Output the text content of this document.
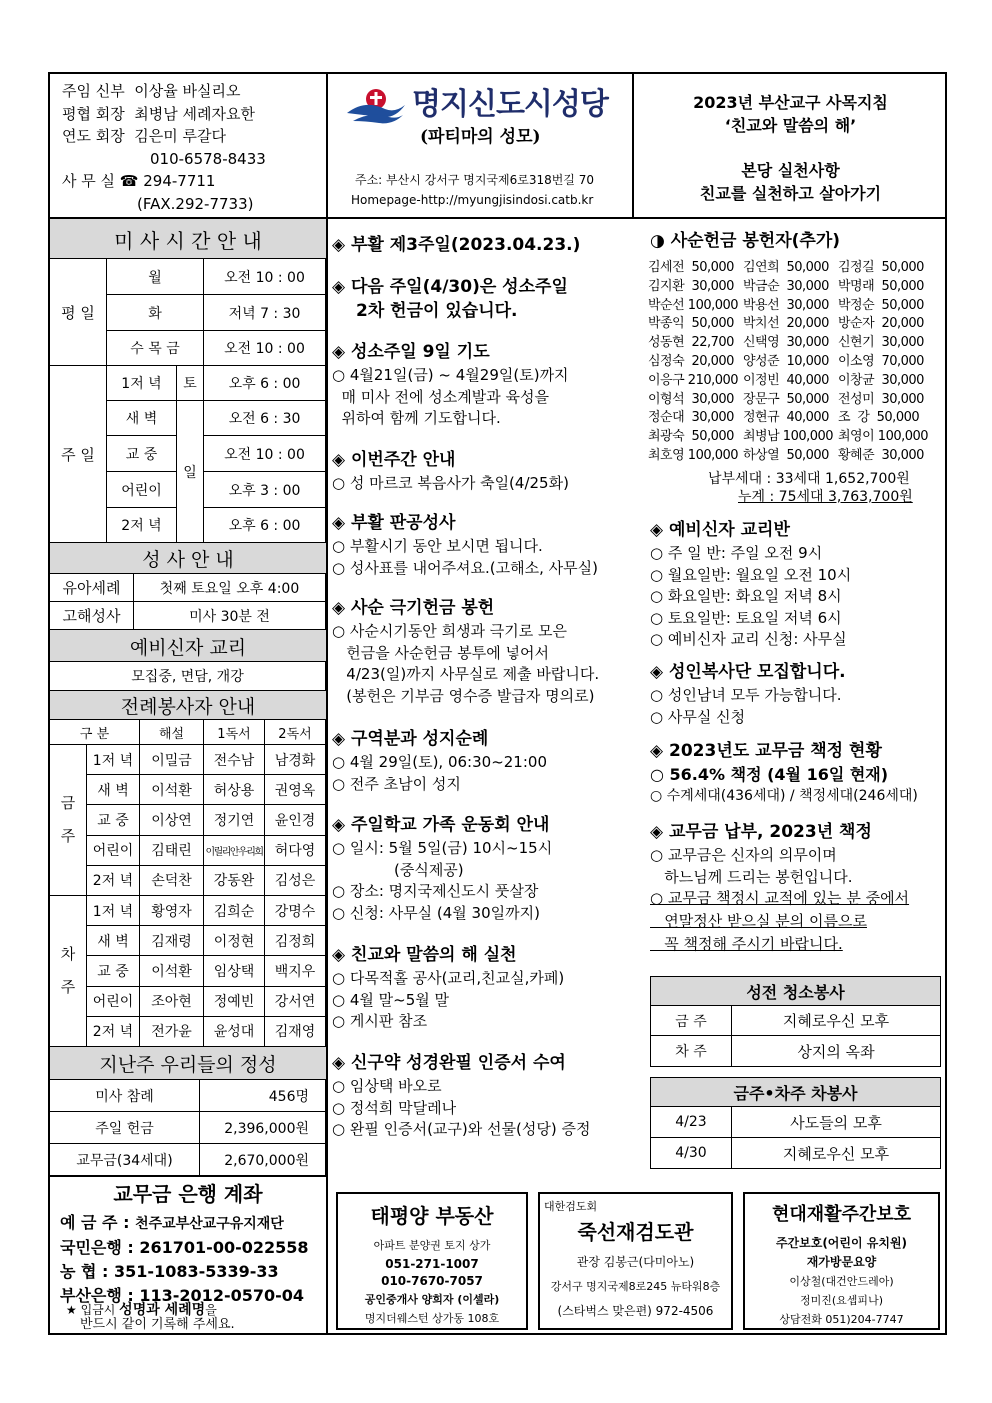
주임 신부 이상율 바실리오
평협 회장 최병남 세례자요한
연도 회장 김은미 루갈다
010-6578-8433
사 무 실 ☎ 294-7711
(FAX.292-7733)
명지신도시성당
(파티마의 성모)
주소: 부산시 강서구 명지국제6로318번길 70
Homepage-http://myungjisindosi.catb.kr
2023년 부산교구 사목지침
‘친교와 말씀의 해’
본당 실천사항
친교를 실천하고 살아가기
미 사 시 간 안 내
평 일
월	오전 10 : 00
화	저녁 7 : 30
수 목 금	오전 10 : 00
주 일
1저 녁	토	오후 6 : 00
새 벽	오전 6 : 30
교 중	오전 10 : 00
어린이	오후 3 : 00
2저 녁	오후 6 : 00
일
성 사 안 내
유아세례	첫째 토요일 오후 4:00
고해성사	미사 30분 전
예비신자 교리
모집중, 면담, 개강
전례봉사자 안내
구 분	해설	1독서	2독서
금
주
차
주
1저 녁	이밀금	전수남	남경화
새 벽	이석환	허상용	권영옥
교 중	이상연	정기연	윤인경
어린이	김태린	이릴리안우리희 허다영
2저 녁	손덕찬	강동완	김성은
1저 녁	황영자	김희순	강명수
새 벽	김재령	이정현	김정희
교 중	이석환	임상택	백지우
어린이	조아현	정예빈	강서연
2저 녁	전가윤	윤성대	김재영
지난주 우리들의 정성
미사 참례	456명
주일 헌금	2,396,000원
교무금(34세대)	2,670,000원
교무금 은행 계좌
예 금 주 : 천주교부산교구유지재단
국민은행 : 261701-00-022558
농 협 : 351-1083-5339-33
부산은행 : 113-2012-0570-04
★ 입금시 성명과 세례명을
반드시 같이 기록해 주세요.
◈ 부활 제3주일(2023.04.23.)
◈ 다음 주일(4/30)은 성소주일
2차 헌금이 있습니다.
◈ 성소주일 9일 기도
○ 4월21일(금) ~ 4월29일(토)까지
매 미사 전에 성소계발과 육성을
위하여 함께 기도합니다.
◈ 이번주간 안내
○ 성 마르코 복음사가 축일(4/25화)
◈ 부활 판공성사
○ 부활시기 동안 보시면 됩니다.
○ 성사표를 내어주셔요.(고해소, 사무실)
◈ 사순 극기헌금 봉헌
○ 사순시기동안 희생과 극기로 모은
헌금을 사순헌금 봉투에 넣어서
4/23(일)까지 사무실로 제출 바랍니다.
(봉헌은 기부금 영수증 발급자 명의로)
◈ 구역분과 성지순례
○ 4월 29일(토), 06:30~21:00
○ 전주 초남이 성지
◈ 주일학교 가족 운동회 안내
○ 일시: 5월 5일(금) 10시~15시
(중식제공)
○ 장소: 명지국제신도시 풋살장
○ 신청: 사무실 (4월 30일까지)
◈ 친교와 말씀의 해 실천
○ 다목적홀 공사(교리,친교실,카페)
○ 4월 말~5월 말
○ 게시판 참조
◈ 신구약 성경완필 인증서 수여
○ 임상택 바오로
○ 정석희 막달레나
○ 완필 인증서(교구)와 선물(성당) 증정
◑ 사순헌금 봉헌자(추가)
김세전  50,000 김연희  50,000 김정길  50,000
김지환  30,000 박금순  30,000 박명래  50,000
박순선 100,000 박용선  30,000 박정순  50,000
박종익  50,000 박치선  20,000 방순자  20,000
성동현  22,700 신택영  30,000 신현기  30,000
심정숙  20,000 양성준  10,000 이소영  70,000
이응구 210,000 이정빈  40,000 이창균  30,000
이형석  30,000 장문구  50,000 전성미  30,000
정순대  30,000 정현규  40,000 조  강  50,000
최광숙  50,000 최병남 100,000 최영이 100,000
최호영 100,000 하상열  50,000 황혜준  30,000
납부세대 : 33세대 1,652,700원
누계 : 75세대 3,763,700원
◈ 예비신자 교리반
○ 주 일 반: 주일 오전 9시
○ 월요일반: 월요일 오전 10시
○ 화요일반: 화요일 저녁 8시
○ 토요일반: 토요일 저녁 6시
○ 예비신자 교리 신청: 사무실
◈ 성인복사단 모집합니다.
○ 성인남녀 모두 가능합니다.
○ 사무실 신청
◈ 2023년도 교무금 책정 현황
○ 56.4% 책정 (4월 16일 현재)
○ 수계세대(436세대) / 책정세대(246세대)
◈ 교무금 납부, 2023년 책정
○ 교무금은 신자의 의무이며
하느님께 드리는 봉헌입니다.
○ 교무금 책정시 교적에 있는 분 중에서
연말정산 받으실 분의 이름으로
꼭 책정해 주시기 바랍니다.
성전 청소봉사
금 주	지혜로우신 모후
차 주	상지의 옥좌
금주•차주 차봉사
4/23	사도들의 모후
4/30	지혜로우신 모후
태평양 부동산
아파트 분양권 토지 상가
051-271-1007
010-7670-7057
공인중개사 양희자 (이셀라)
명지더웨스턴 상가동 108호
대한검도회
죽선재검도관
관장 김봉근(다미아노)
강서구 명지국제8로245 뉴타워8층
(스타벅스 맞은편) 972-4506
현대재활주간보호
주간보호(어린이 유치원)
재가방문요양
이상철(대건안드레아)
정미진(요셉피나)
상담전화 051)204-7747
